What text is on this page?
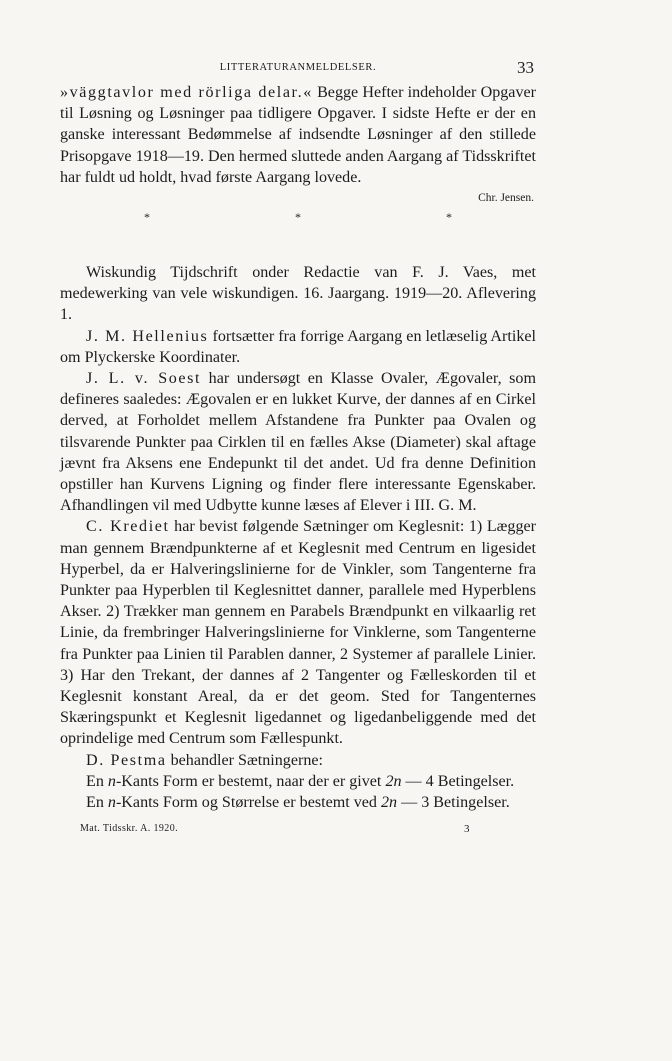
LITTERATURANMELDELSER.	33

»väggtavlor med rörliga delar.« Begge Hefter indeholder Opgaver til Løsning og Løsninger paa tidligere Opgaver. I sidste Hefte er der en ganske interessant Bedømmelse af indsendte Løsninger af den stillede Prisopgave 1918—19. Den hermed sluttede anden Aargang af Tidsskriftet har fuldt ud holdt, hvad første Aargang lovede.

Chr. Jensen.
*	*	*

Wiskundig Tijdschrift onder Redactie van F. J. Vaes, met medewerking van vele wiskundigen. 16. Jaargang. 1919—20. Aflevering 1.

J. M. Hellenius fortsætter fra forrige Aargang en letlæselig Artikel om Plyckerske Koordinater.

J. L. v. Soest har undersøgt en Klasse Ovaler, Ægovaler, som defineres saaledes: Ægovalen er en lukket Kurve, der dannes af en Cirkel derved, at Forholdet mellem Afstandene fra Punkter paa Ovalen og tilsvarende Punkter paa Cirklen til en fælles Akse (Diameter) skal aftage jævnt fra Aksens ene Endepunkt til det andet. Ud fra denne Definition opstiller han Kurvens Ligning og finder flere interessante Egenskaber. Afhandlingen vil med Udbytte kunne læses af Elever i III. G. M.

C. Krediet har bevist følgende Sætninger om Keglesnit: 1) Lægger man gennem Brændpunkterne af et Keglesnit med Centrum en ligesidet Hyperbel, da er Halveringslinierne for de Vinkler, som Tangenterne fra Punkter paa Hyperblen til Keglesnittet danner, parallele med Hyperblens Akser. 2) Trækker man gennem en Parabels Brændpunkt en vilkaarlig ret Linie, da frembringer Halveringslinierne for Vinklerne, som Tangenterne fra Punkter paa Linien til Parablen danner, 2 Systemer af parallele Linier. 3) Har den Trekant, der dannes af 2 Tangenter og Fælleskorden til et Keglesnit konstant Areal, da er det geom. Sted for Tangenternes Skæringspunkt et Keglesnit ligedannet og ligedanbeliggende med det oprindelige med Centrum som Fællespunkt.

D. Pestma behandler Sætningerne:

En n-Kants Form er bestemt, naar der er givet 2n — 4 Betingelser.

En n-Kants Form og Størrelse er bestemt ved 2n — 3 Betingelser.

Mat. Tidsskr. A. 1920.	3
